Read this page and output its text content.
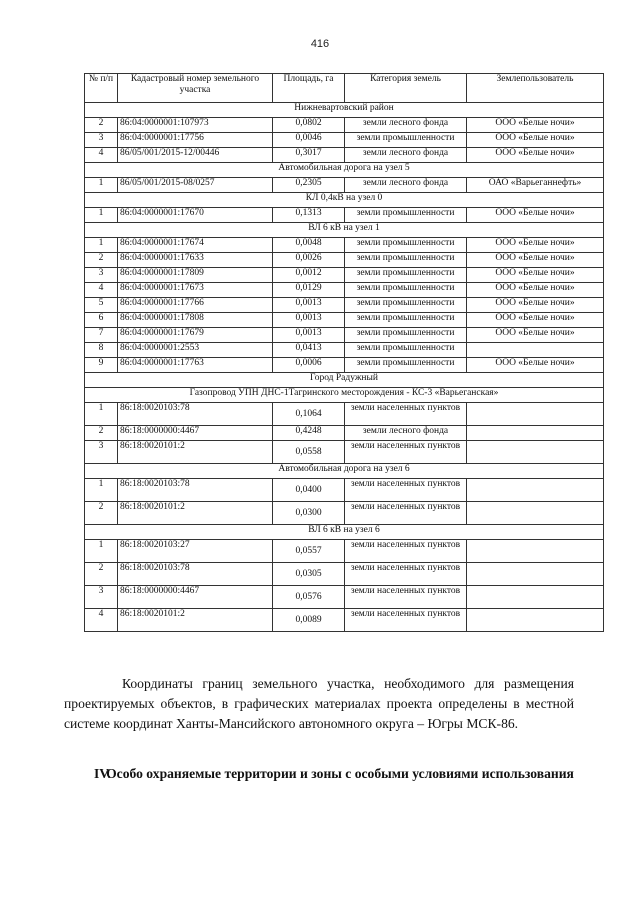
416
№ п/п	Кадастровый номер земельного участка	Площадь, га	Категория земель	Землепользователь
Нижневартовский район				
2	86:04:0000001:107973	0,0802	земли лесного фонда	ООО «Белые ночи»
3	86:04:0000001:17756	0,0046	земли промышленности	ООО «Белые ночи»
4	86/05/001/2015-12/00446	0,3017	земли лесного фонда	ООО «Белые ночи»
Автомобильная дорога на узел 5				
1	86/05/001/2015-08/0257	0,2305	земли лесного фонда	ОАО «Варьеганнефть»
КЛ 0,4кВ на узел 0				
1	86:04:0000001:17670	0,1313	земли промышленности	ООО «Белые ночи»
ВЛ 6 кВ на узел 1				
1	86:04:0000001:17674	0,0048	земли промышленности	ООО «Белые ночи»
2	86:04:0000001:17633	0,0026	земли промышленности	ООО «Белые ночи»
3	86:04:0000001:17809	0,0012	земли промышленности	ООО «Белые ночи»
4	86:04:0000001:17673	0,0129	земли промышленности	ООО «Белые ночи»
5	86:04:0000001:17766	0,0013	земли промышленности	ООО «Белые ночи»
6	86:04:0000001:17808	0,0013	земли промышленности	ООО «Белые ночи»
7	86:04:0000001:17679	0,0013	земли промышленности	ООО «Белые ночи»
8	86:04:0000001:2553	0,0413	земли промышленности	
9	86:04:0000001:17763	0,0006	земли промышленности	ООО «Белые ночи»
Город Радужный				
Газопровод УПН ДНС-1Тагринского месторождения - КС-3 «Варьеганская»				
1	86:18:0020103:78	0,1064	земли населенных пунктов	
2	86:18:0000000:4467	0,4248	земли лесного фонда	
3	86:18:0020101:2	0,0558	земли населенных пунктов	
Автомобильная дорога на узел 6				
1	86:18:0020103:78	0,0400	земли населенных пунктов	
2	86:18:0020101:2	0,0300	земли населенных пунктов	
ВЛ 6 кВ на узел 6				
1	86:18:0020103:27	0,0557	земли населенных пунктов	
2	86:18:0020103:78	0,0305	земли населенных пунктов	
3	86:18:0000000:4467	0,0576	земли населенных пунктов	
4	86:18:0020101:2	0,0089	земли населенных пунктов	

Координаты границ земельного участка, необходимого для размещения проектируемых объектов, в графических материалах проекта определены в местной системе координат Ханты-Мансийского автономного округа – Югры МСК-86.

IV.
Особо охраняемые территории и зоны с особыми условиями использования
